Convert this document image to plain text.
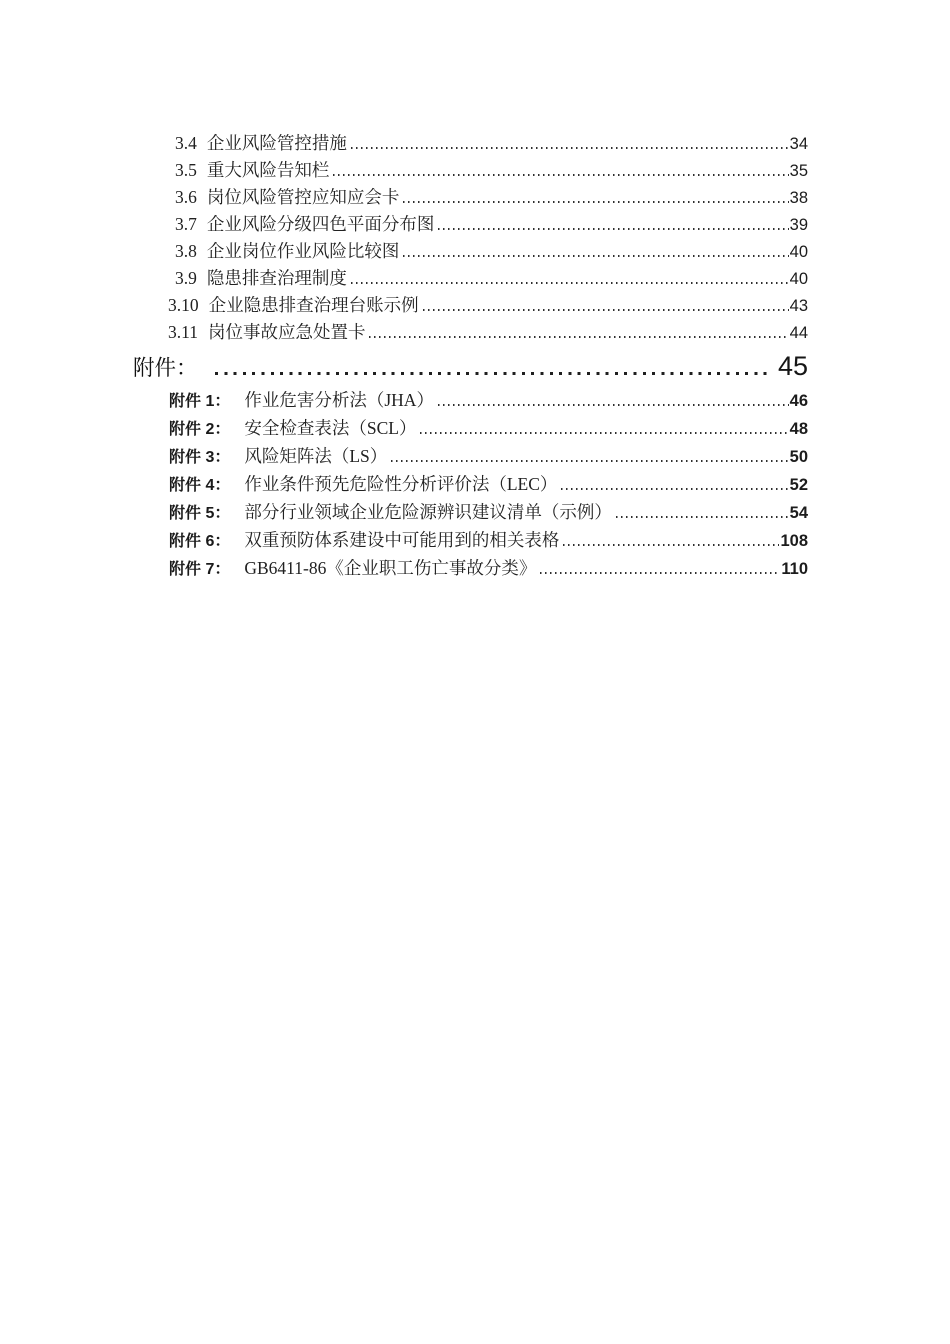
3.4 企业风险管控措施	34
3.5 重大风险告知栏	35
3.6 岗位风险管控应知应会卡	38
3.7 企业风险分级四色平面分布图	39
3.8 企业岗位作业风险比较图	40
3.9 隐患排查治理制度	40
3.10 企业隐患排查治理台账示例	43
3.11 岗位事故应急处置卡	44
附件：	45
附件 1： 作业危害分析法（JHA）	46
附件 2： 安全检查表法（SCL）	48
附件 3： 风险矩阵法（LS）	50
附件 4： 作业条件预先危险性分析评价法（LEC）	52
附件 5： 部分行业领域企业危险源辨识建议清单（示例）	54
附件 6： 双重预防体系建设中可能用到的相关表格	108
附件 7： GB6411-86《企业职工伤亡事故分类》	110
